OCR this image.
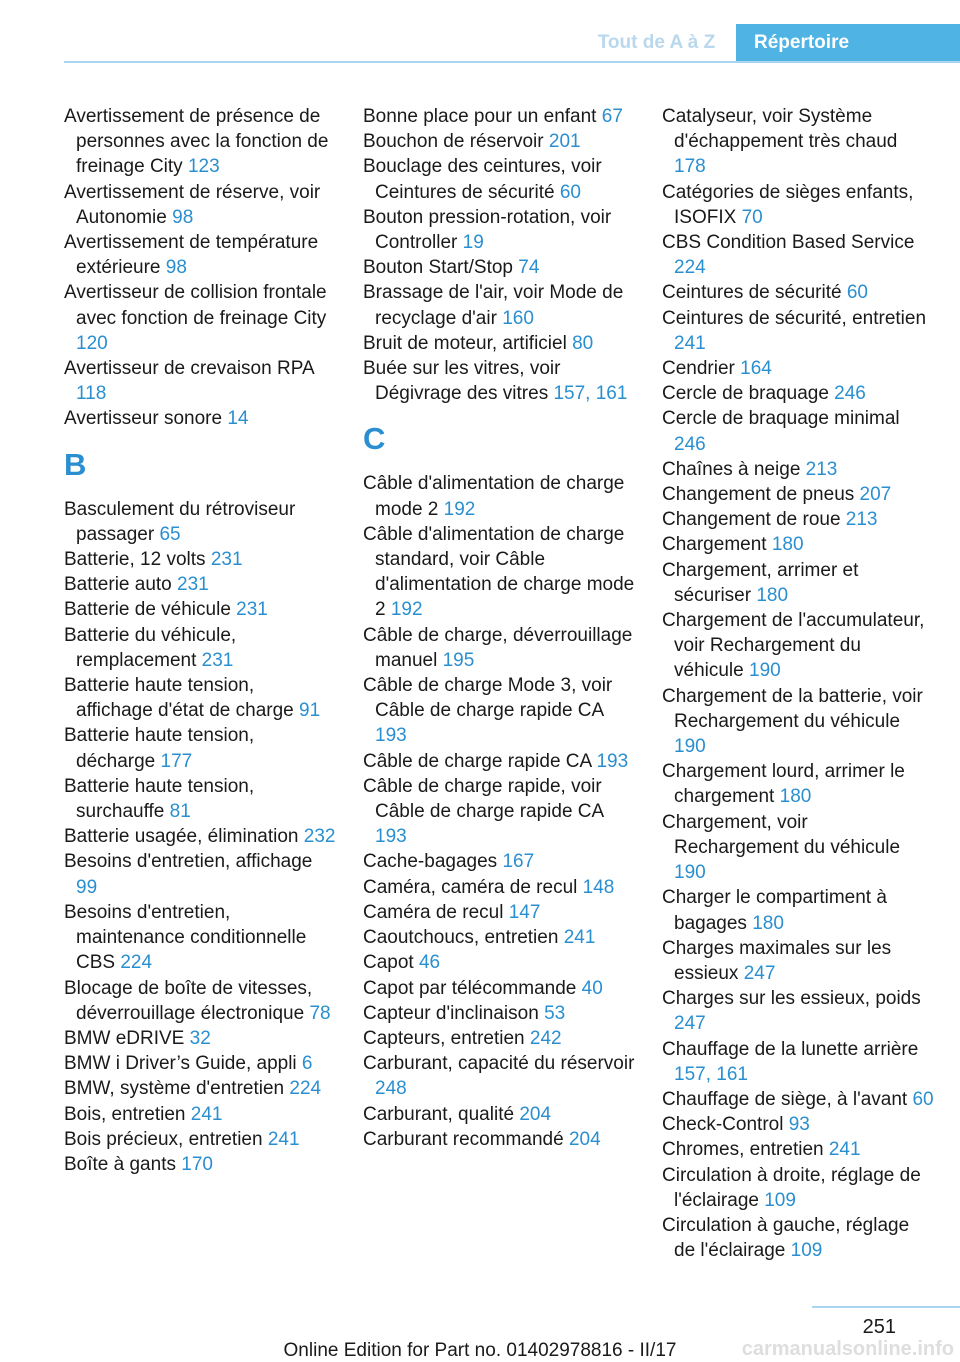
Tout de A à Z	Répertoire
Avertissement de présence de personnes avec la fonction de freinage City 123
Avertissement de réserve, voir Autonomie 98
Avertissement de température extérieure 98
Avertisseur de collision frontale avec fonction de freinage City 120
Avertisseur de crevaison RPA 118
Avertisseur sonore 14
B
Basculement du rétroviseur passager 65
Batterie, 12 volts 231
Batterie auto 231
Batterie de véhicule 231
Batterie du véhicule, remplacement 231
Batterie haute tension, affichage d'état de charge 91
Batterie haute tension, décharge 177
Batterie haute tension, surchauffe 81
Batterie usagée, élimination 232
Besoins d'entretien, affichage 99
Besoins d'entretien, maintenance conditionnelle CBS 224
Blocage de boîte de vitesses, déverrouillage électronique 78
BMW eDRIVE 32
BMW i Driver’s Guide, appli 6
BMW, système d'entretien 224
Bois, entretien 241
Bois précieux, entretien 241
Boîte à gants 170
Bonne place pour un enfant 67
Bouchon de réservoir 201
Bouclage des ceintures, voir Ceintures de sécurité 60
Bouton pression-rotation, voir Controller 19
Bouton Start/Stop 74
Brassage de l'air, voir Mode de recyclage d'air 160
Bruit de moteur, artificiel 80
Buée sur les vitres, voir Dégivrage des vitres 157, 161
C
Câble d'alimentation de charge mode 2 192
Câble d'alimentation de charge standard, voir Câble d'alimentation de charge mode 2 192
Câble de charge, déverrouillage manuel 195
Câble de charge Mode 3, voir Câble de charge rapide CA 193
Câble de charge rapide CA 193
Câble de charge rapide, voir Câble de charge rapide CA 193
Cache-bagages 167
Caméra, caméra de recul 148
Caméra de recul 147
Caoutchoucs, entretien 241
Capot 46
Capot par télécommande 40
Capteur d'inclinaison 53
Capteurs, entretien 242
Carburant, capacité du réservoir 248
Carburant, qualité 204
Carburant recommandé 204
Catalyseur, voir Système d'échappement très chaud 178
Catégories de sièges enfants, ISOFIX 70
CBS Condition Based Service 224
Ceintures de sécurité 60
Ceintures de sécurité, entretien 241
Cendrier 164
Cercle de braquage 246
Cercle de braquage minimal 246
Chaînes à neige 213
Changement de pneus 207
Changement de roue 213
Chargement 180
Chargement, arrimer et sécuriser 180
Chargement de l'accumulateur, voir Rechargement du véhicule 190
Chargement de la batterie, voir Rechargement du véhicule 190
Chargement lourd, arrimer le chargement 180
Chargement, voir Rechargement du véhicule 190
Charger le compartiment à bagages 180
Charges maximales sur les essieux 247
Charges sur les essieux, poids 247
Chauffage de la lunette arrière 157, 161
Chauffage de siège, à l'avant 60
Check-Control 93
Chromes, entretien 241
Circulation à droite, réglage de l'éclairage 109
Circulation à gauche, réglage de l'éclairage 109
251
Online Edition for Part no. 01402978816 - II/17	carmanualsonline.info
